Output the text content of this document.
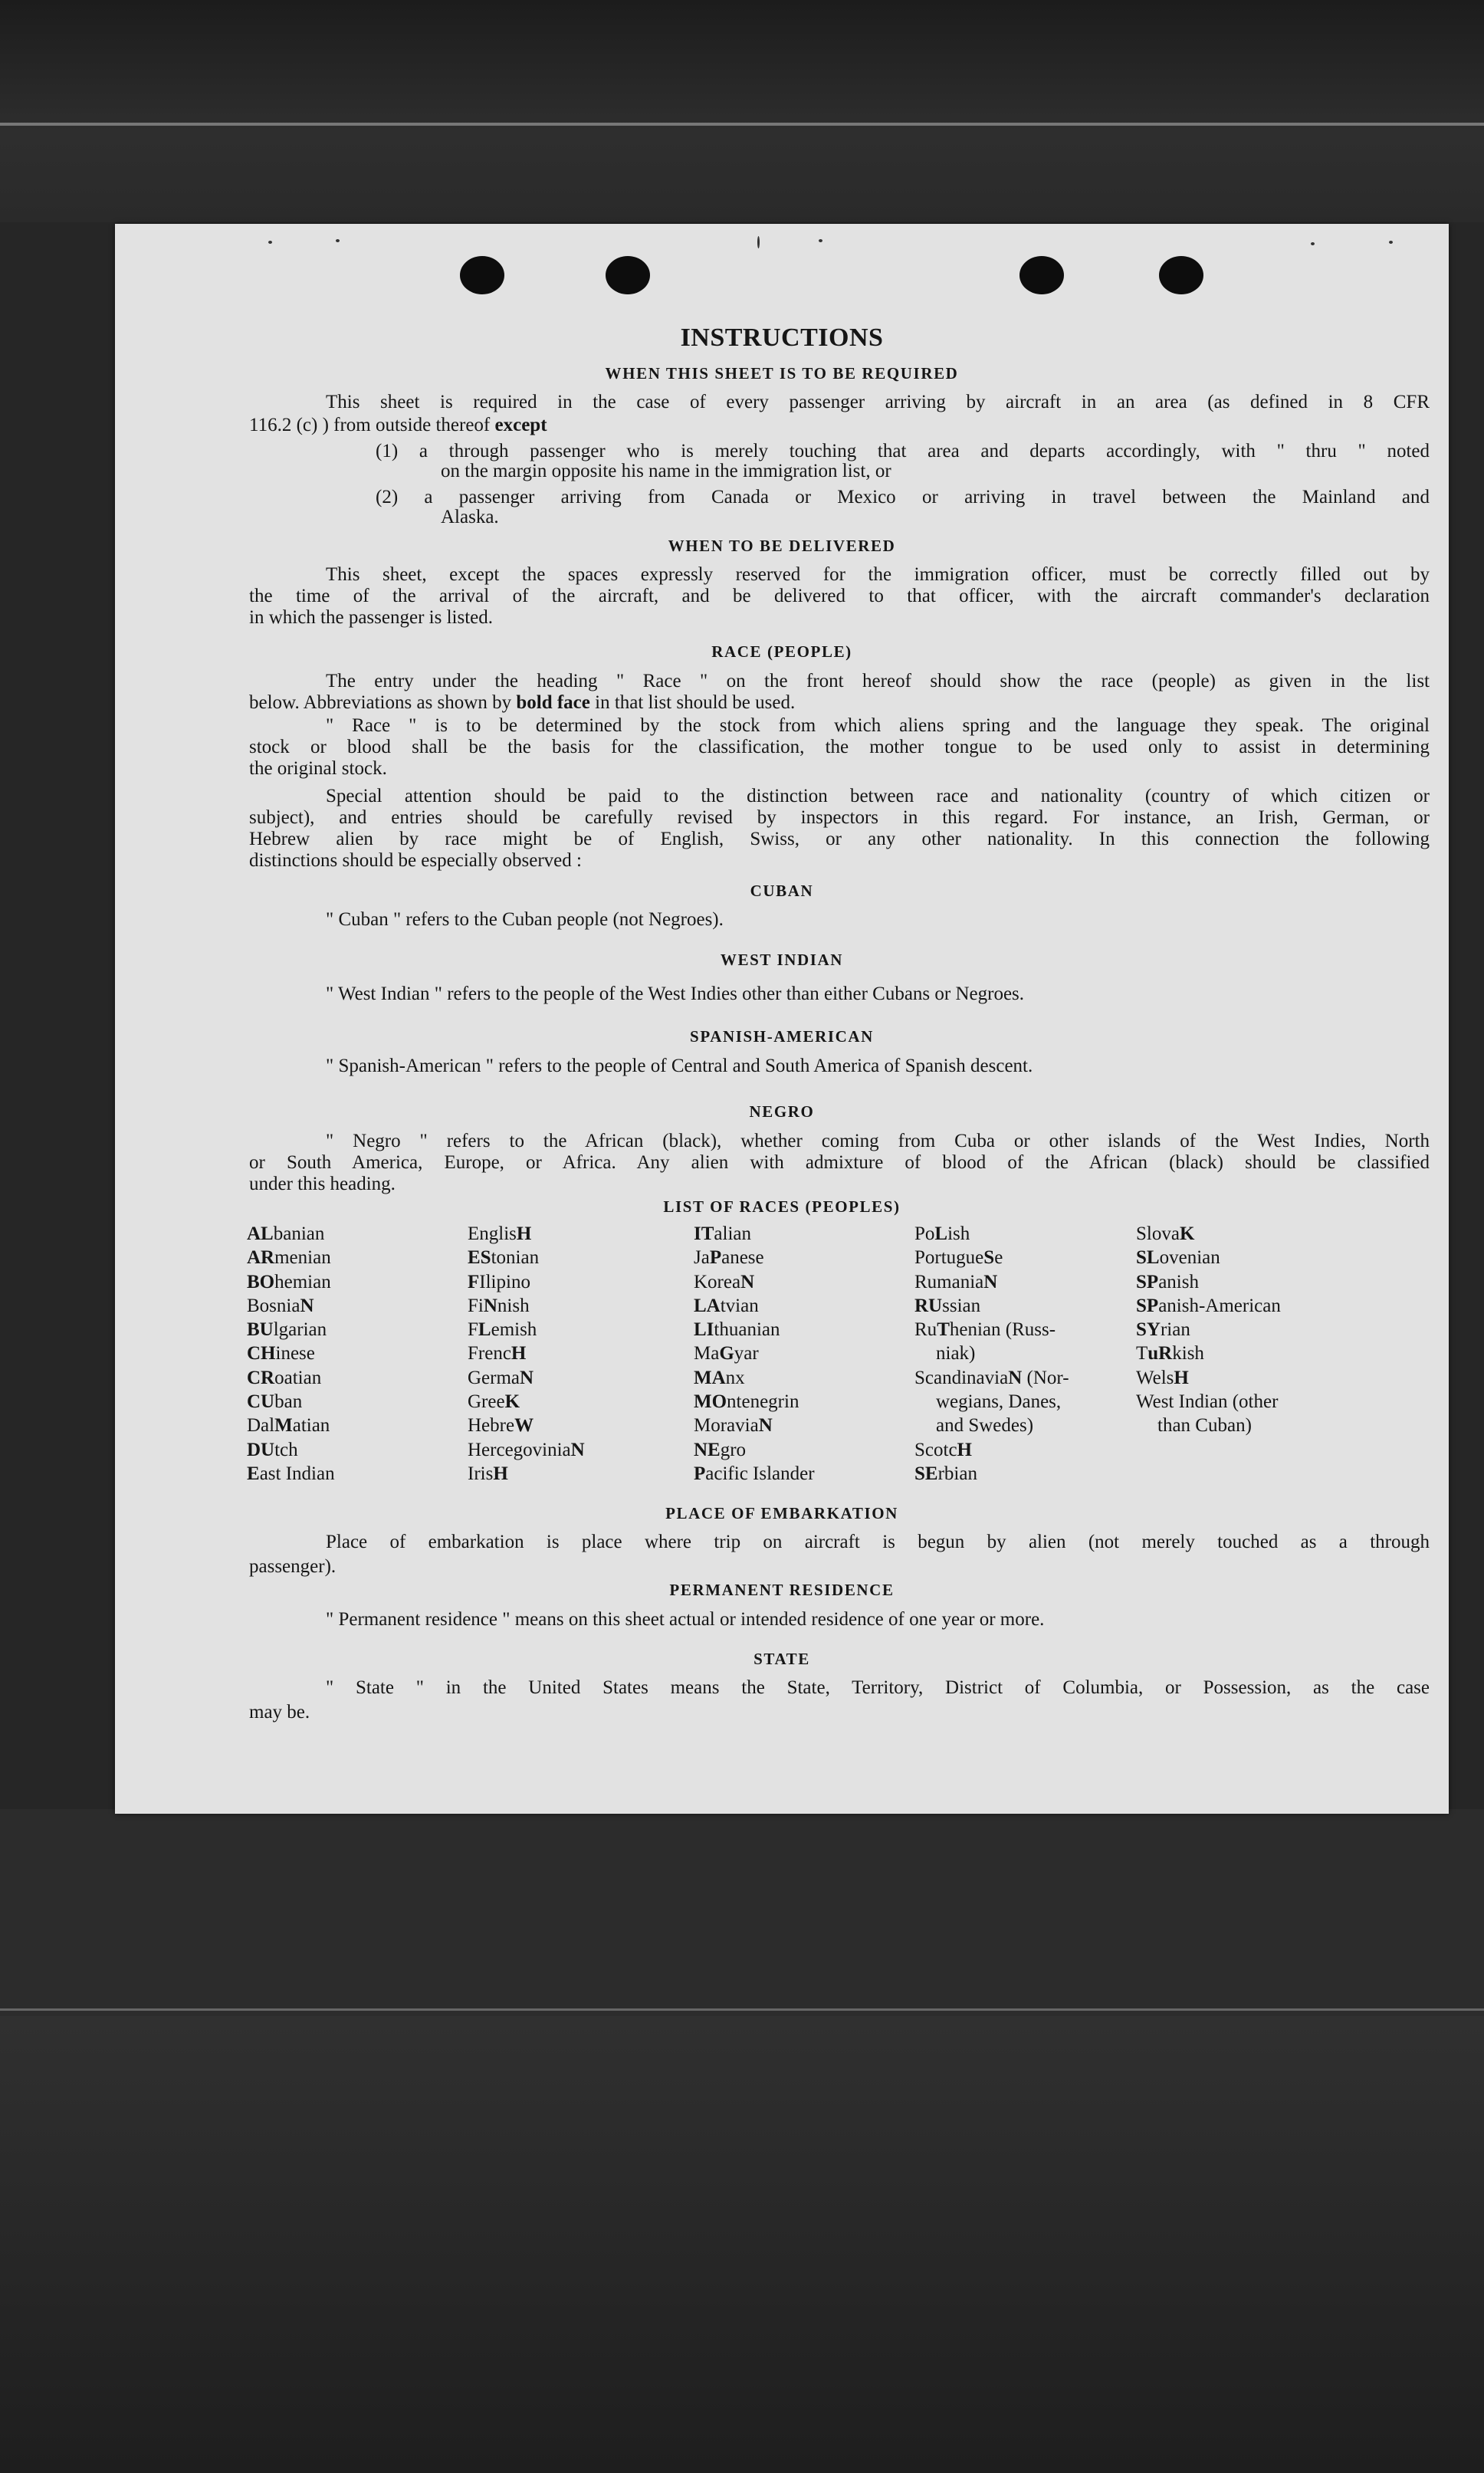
INSTRUCTIONS
WHEN THIS SHEET IS TO BE REQUIRED
This sheet is required in the case of every passenger arriving by aircraft in an area (as defined in 8 CFR
116.2 (c) ) from outside thereof except
(1) a through passenger who is merely touching that area and departs accordingly, with " thru " noted
on the margin opposite his name in the immigration list, or
(2) a passenger arriving from Canada or Mexico or arriving in travel between the Mainland and
Alaska.
WHEN TO BE DELIVERED
This sheet, except the spaces expressly reserved for the immigration officer, must be correctly filled out by
the time of the arrival of the aircraft, and be delivered to that officer, with the aircraft commander's declaration
in which the passenger is listed.
RACE (PEOPLE)
The entry under the heading " Race " on the front hereof should show the race (people) as given in the list
below. Abbreviations as shown by bold face in that list should be used.
" Race " is to be determined by the stock from which aliens spring and the language they speak. The original
stock or blood shall be the basis for the classification, the mother tongue to be used only to assist in determining
the original stock.
Special attention should be paid to the distinction between race and nationality (country of which citizen or
subject), and entries should be carefully revised by inspectors in this regard. For instance, an Irish, German, or
Hebrew alien by race might be of English, Swiss, or any other nationality. In this connection the following
distinctions should be especially observed :
CUBAN
" Cuban " refers to the Cuban people (not Negroes).
WEST INDIAN
" West Indian " refers to the people of the West Indies other than either Cubans or Negroes.
SPANISH-AMERICAN
" Spanish-American " refers to the people of Central and South America of Spanish descent.
NEGRO
" Negro " refers to the African (black), whether coming from Cuba or other islands of the West Indies, North
or South America, Europe, or Africa. Any alien with admixture of blood of the African (black) should be classified
under this heading.
LIST OF RACES (PEOPLES)
ALbanian
ARmenian
BOhemian
BosniaN
BUlgarian
CHinese
CRoatian
CUban
DalMatian
DUtch
East Indian
EnglisH
EStonian
FIlipino
FiNnish
FLemish
FrencH
GermaN
GreeK
HebreW
HercegoviniaN
IrisH
ITalian
JaPanese
KoreaN
LAtvian
LIthuanian
MaGyar
MAnx
MOntenegrin
MoraviaN
NEgro
Pacific Islander
PoLish
PortugueSe
RumaniaN
RUssian
RuThenian (Russ-
niak)
ScandinaviaN (Nor-
wegians, Danes,
and Swedes)
ScotcH
SErbian
SlovaK
SLovenian
SPanish
SPanish-American
SYrian
TuRkish
WelsH
West Indian (other
than Cuban)
PLACE OF EMBARKATION
Place of embarkation is place where trip on aircraft is begun by alien (not merely touched as a through
passenger).
PERMANENT RESIDENCE
" Permanent residence " means on this sheet actual or intended residence of one year or more.
STATE
" State " in the United States means the State, Territory, District of Columbia, or Possession, as the case
may be.
